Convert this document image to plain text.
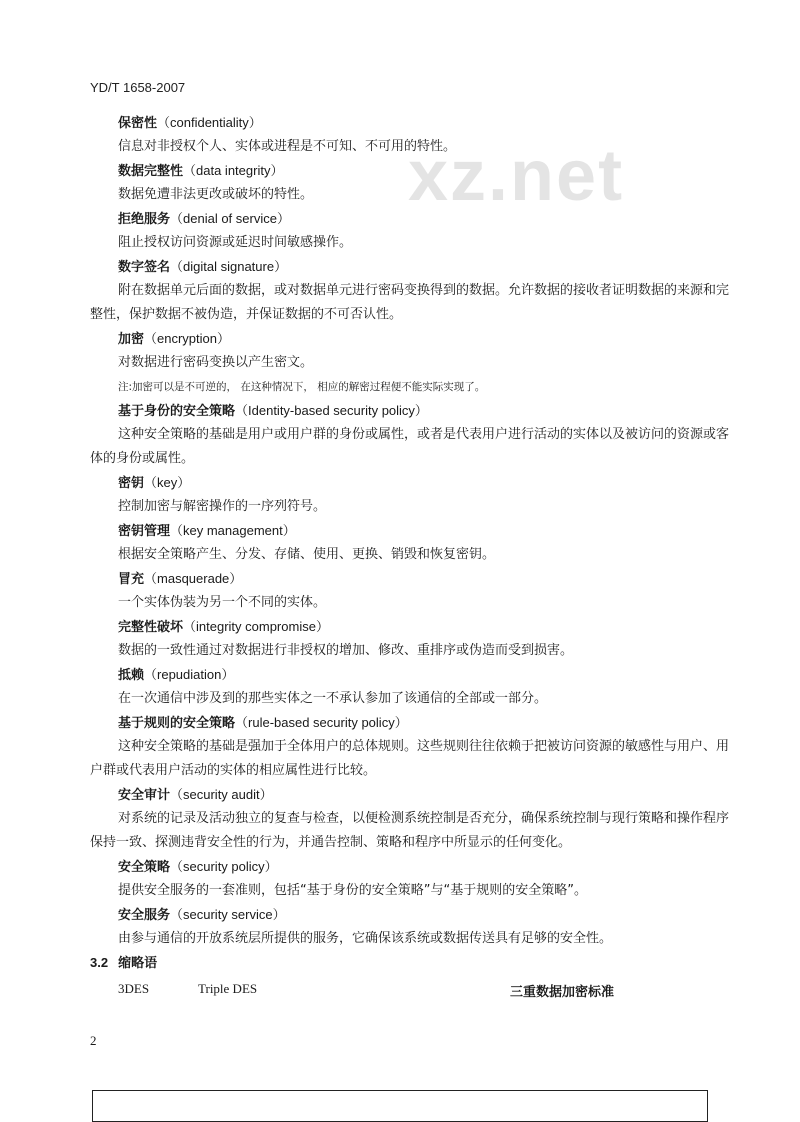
YD/T 1658-2007
xz.net
保密性（confidentiality）
信息对非授权个人、实体或进程是不可知、不可用的特性。
数据完整性（data integrity）
数据免遭非法更改或破坏的特性。
拒绝服务（denial of service）
阻止授权访问资源或延迟时间敏感操作。
数字签名（digital signature）
附在数据单元后面的数据，或对数据单元进行密码变换得到的数据。允许数据的接收者证明数据的来源和完整性，保护数据不被伪造，并保证数据的不可否认性。
加密（encryption）
对数据进行密码变换以产生密文。
注:加密可以是不可逆的， 在这种情况下， 相应的解密过程便不能实际实现了。
基于身份的安全策略（Identity-based security policy）
这种安全策略的基础是用户或用户群的身份或属性，或者是代表用户进行活动的实体以及被访问的资源或客体的身份或属性。
密钥（key）
控制加密与解密操作的一序列符号。
密钥管理（key management）
根据安全策略产生、分发、存储、使用、更换、销毁和恢复密钥。
冒充（masquerade）
一个实体伪装为另一个不同的实体。
完整性破坏（integrity compromise）
数据的一致性通过对数据进行非授权的增加、修改、重排序或伪造而受到损害。
抵赖（repudiation）
在一次通信中涉及到的那些实体之一不承认参加了该通信的全部或一部分。
基于规则的安全策略（rule-based security policy）
这种安全策略的基础是强加于全体用户的总体规则。这些规则往往依赖于把被访问资源的敏感性与用户、用户群或代表用户活动的实体的相应属性进行比较。
安全审计（security audit）
对系统的记录及活动独立的复查与检查，以便检测系统控制是否充分，确保系统控制与现行策略和操作程序保持一致、探测违背安全性的行为，并通告控制、策略和程序中所显示的任何变化。
安全策略（security policy）
提供安全服务的一套准则，包括“基于身份的安全策略”与“基于规则的安全策略”。
安全服务（security service）
由参与通信的开放系统层所提供的服务，它确保该系统或数据传送具有足够的安全性。
3.2 缩略语
3DES	Triple DES	三重数据加密标准
2
